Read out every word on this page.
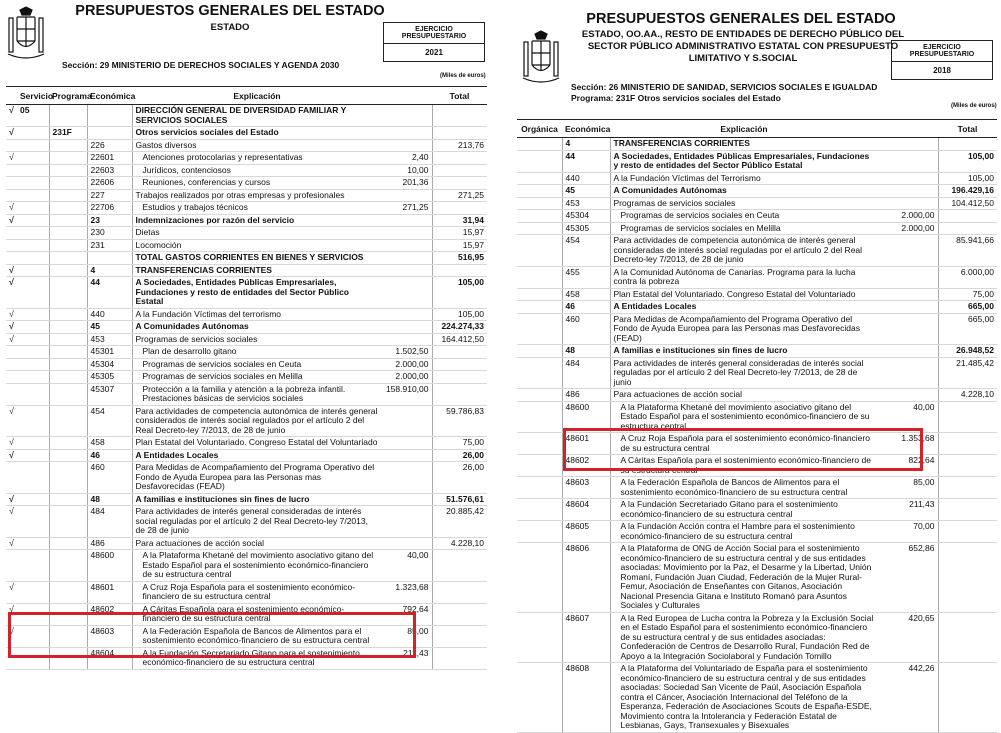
PRESUPUESTOS GENERALES DEL ESTADO
ESTADO	EJERCICIO PRESUPUESTARIO
2021
Sección: 29 MINISTERIO DE DERECHOS SOCIALES Y AGENDA 2030
(Miles de euros)
	Servicio	Programa	Económica	Explicación		Total
√	05			DIRECCIÓN GENERAL DE DIVERSIDAD FAMILIAR Y SERVICIOS SOCIALES		
√		231F		Otros servicios sociales del Estado		
			226	Gastos diversos		213,76
√			22601	Atenciones protocolarias y representativas	2,40	
			22603	Jurídicos, contenciosos	10,00	
			22606	Reuniones, conferencias y cursos	201,36	
			227	Trabajos realizados por otras empresas y profesionales		271,25
√			22706	Estudios y trabajos técnicos	271,25	
√			23	Indemnizaciones por razón del servicio		31,94
			230	Dietas		15,97
			231	Locomoción		15,97
				TOTAL GASTOS CORRIENTES EN BIENES Y SERVICIOS		516,95
√			4	TRANSFERENCIAS CORRIENTES		
√			44	A Sociedades, Entidades Públicas Empresariales, Fundaciones y resto de entidades del Sector Público Estatal		105,00
√			440	A la Fundación Víctimas del terrorismo		105,00
√			45	A Comunidades Autónomas		224.274,33
√			453	Programas de servicios sociales		164.412,50
			45301	Plan de desarrollo gitano	1.502,50	
			45304	Programas de servicios sociales en Ceuta	2.000,00	
			45305	Programas de servicios sociales en Melilla	2.000,00	
			45307	Protección a la familia y atención a la pobreza infantil. Prestaciones básicas de servicios sociales	158.910,00	
√			454	Para actividades de competencia autonómica de interés general considerados de interés social regulados por el artículo 2 del Real Decreto-ley 7/2013, de 28 de junio		59.786,83
√			458	Plan Estatal del Voluntariado. Congreso Estatal del Voluntariado		75,00
√			46	A Entidades Locales		26,00
			460	Para Medidas de Acompañamiento del Programa Operativo del Fondo de Ayuda Europea para las Personas mas Desfavorecidas (FEAD)		26,00
√			48	A familias e instituciones sin fines de lucro		51.576,61
√			484	Para actividades de interés general consideradas de interés social reguladas por el artículo 2 del Real Decreto-ley 7/2013, de 28 de junio		20.885,42
√			486	Para actuaciones de acción social		4.228,10
			48600	A la Plataforma Khetané del movimiento asociativo gitano del Estado Español para el sostenimiento económico-financiero de su estructura central	40,00	
√			48601	A Cruz Roja Española para el sostenimiento económico-financiero de su estructura central	1.323,68	
√			48602	A Cáritas Española para el sostenimiento económico-financiero de su estructura central	792,64	
√			48603	A la Federación Española de Bancos de Alimentos para el sostenimiento económico-financiero de su estructura central	85,00	
			48604	A la Fundación Secretariado Gitano para el sostenimiento económico-financiero de su estructura central	211,43	
PRESUPUESTOS GENERALES DEL ESTADO
ESTADO, OO.AA., RESTO DE ENTIDADES DE DERECHO PÚBLICO DEL SECTOR PÚBLICO ADMINISTRATIVO ESTATAL CON PRESUPUESTO LIMITATIVO Y S.SOCIAL
EJERCICIO PRESUPUESTARIO
2018
Sección: 26 MINISTERIO DE SANIDAD, SERVICIOS SOCIALES E IGUALDAD
Programa: 231F Otros servicios sociales del Estado
(Miles de euros)
Orgánica	Económica	Explicación		Total
	4	TRANSFERENCIAS CORRIENTES		
	44	A Sociedades, Entidades Públicas Empresariales, Fundaciones y resto de entidades del Sector Público Estatal		105,00
	440	A la Fundación Víctimas del Terrorismo		105,00
	45	A Comunidades Autónomas		196.429,16
	453	Programas de servicios sociales		104.412,50
	45304	Programas de servicios sociales en Ceuta	2.000,00	
	45305	Programas de servicios sociales en Melilla	2.000,00	
	454	Para actividades de competencia autonómica de interés general consideradas de interés social reguladas por el artículo 2 del Real Decreto-ley 7/2013, de 28 de junio		85.941,66
	455	A la Comunidad Autónoma de Canarias. Programa para la lucha contra la pobreza		6.000,00
	458	Plan Estatal del Voluntariado. Congreso Estatal del Voluntariado		75,00
	46	A Entidades Locales		665,00
	460	Para Medidas de Acompañamiento del Programa Operativo del Fondo de Ayuda Europea para las Personas mas Desfavorecidas (FEAD)		665,00
	48	A familias e instituciones sin fines de lucro		26.948,52
	484	Para actividades de interés general consideradas de interés social reguladas por el artículo 2 del Real Decreto-ley 7/2013, de 28 de junio		21.485,42
	486	Para actuaciones de acción social		4.228,10
	48600	A la Plataforma Khetané del movimiento asociativo gitano del Estado Español para el sostenimiento económico-financiero de su estructura central	40,00	
	48601	A Cruz Roja Española para el sostenimiento económico-financiero de su estructura central	1.353,68	
	48602	A Cáritas Española para el sostenimiento económico-financiero de su estructura central	822,64	
	48603	A la Federación Española de Bancos de Alimentos para el sostenimiento económico-financiero de su estructura central	85,00	
	48604	A la Fundación Secretariado Gitano para el sostenimiento económico-financiero de su estructura central	211,43	
	48605	A la Fundación Acción contra el Hambre para el sostenimiento económico-financiero de su estructura central	70,00	
	48606	A la Plataforma de ONG de Acción Social para el sostenimiento económico-financiero de su estructura central y de sus entidades asociadas: Movimiento por la Paz, el Desarme y la Libertad, Unión Romaní, Fundación Juan Ciudad, Federación de la Mujer Rural-Femur, Asociación de Enseñantes con Gitanos, Asociación Nacional Presencia Gitana e Instituto Romanó para Asuntos Sociales y Culturales	652,86	
	48607	A la Red Europea de Lucha contra la Pobreza y la Exclusión Social en el Estado Español para el sostenimiento económico-financiero de su estructura central y de sus entidades asociadas: Confederación de Centros de Desarrollo Rural, Fundación Red de Apoyo a la Integración Sociolaboral y Fundación Tomillo	420,65	
	48608	A la Plataforma del Voluntariado de España para el sostenimiento económico-financiero de su estructura central y de sus entidades asociadas: Sociedad San Vicente de Paúl, Asociación Española contra el Cáncer, Asociación Internacional del Teléfono de la Esperanza, Federación de Asociaciones Scouts de España-ESDE, Movimiento contra la Intolerancia y Federación Estatal de Lesbianas, Gays, Transexuales y Bisexuales	442,26	
